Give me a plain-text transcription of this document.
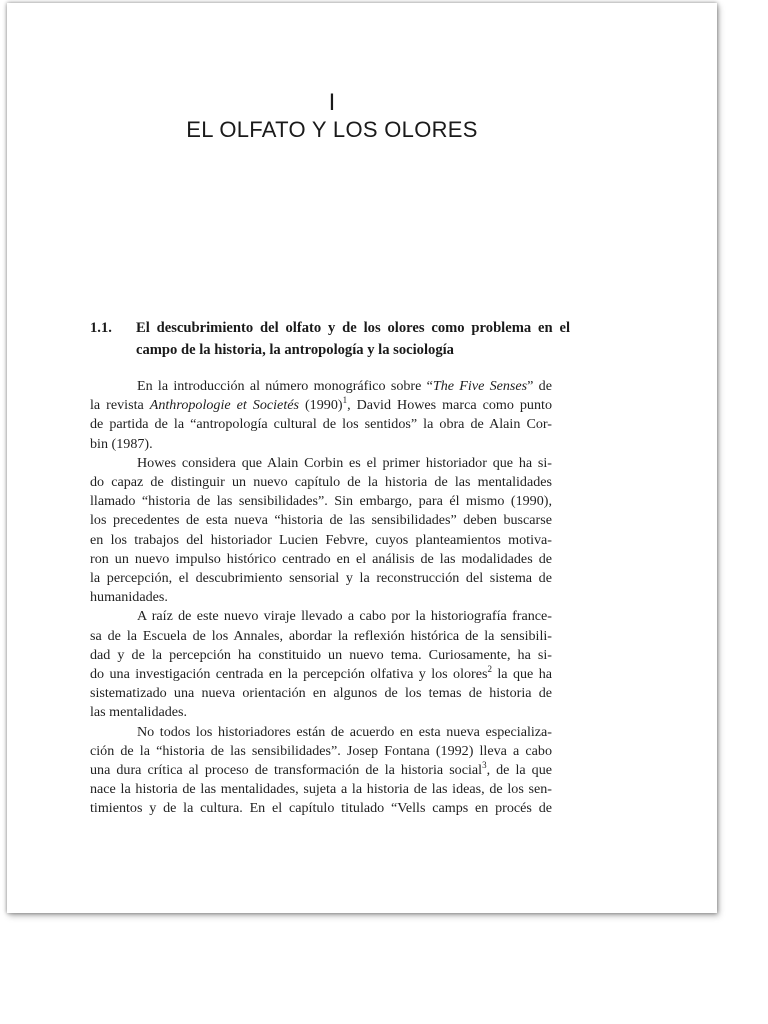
I
EL OLFATO Y LOS OLORES
1.1.	El descubrimiento del olfato y de los olores como problema en el
campo de la historia, la antropología y la sociología

En la introducción al número monográfico sobre “The Five Senses” de
la revista Anthropologie et Societés $(1990)^1$, David Howes marca como punto
de partida de la “antropología cultural de los sentidos” la obra de Alain Cor-
bin (1987).

Howes considera que Alain Corbin es el primer historiador que ha si-
do capaz de distinguir un nuevo capítulo de la historia de las mentalidades
llamado “historia de las sensibilidades”. Sin embargo, para él mismo (1990),
los precedentes de esta nueva “historia de las sensibilidades” deben buscarse
en los trabajos del historiador Lucien Febvre, cuyos planteamientos motiva-
ron un nuevo impulso histórico centrado en el análisis de las modalidades de
la percepción, el descubrimiento sensorial y la reconstrucción del sistema de
humanidades.

A raíz de este nuevo viraje llevado a cabo por la historiografía france-
sa de la Escuela de los Annales, abordar la reflexión histórica de la sensibili-
dad y de la percepción ha constituido un nuevo tema. Curiosamente, ha si-
do una investigación centrada en la percepción olfativa y los olores$^2$ la que ha
sistematizado una nueva orientación en algunos de los temas de historia de
las mentalidades.

No todos los historiadores están de acuerdo en esta nueva especializa-
ción de la “historia de las sensibilidades”. Josep Fontana (1992) lleva a cabo
una dura crítica al proceso de transformación de la historia social$^3$, de la que
nace la historia de las mentalidades, sujeta a la historia de las ideas, de los sen-
timientos y de la cultura. En el capítulo titulado “Vells camps en procés de
